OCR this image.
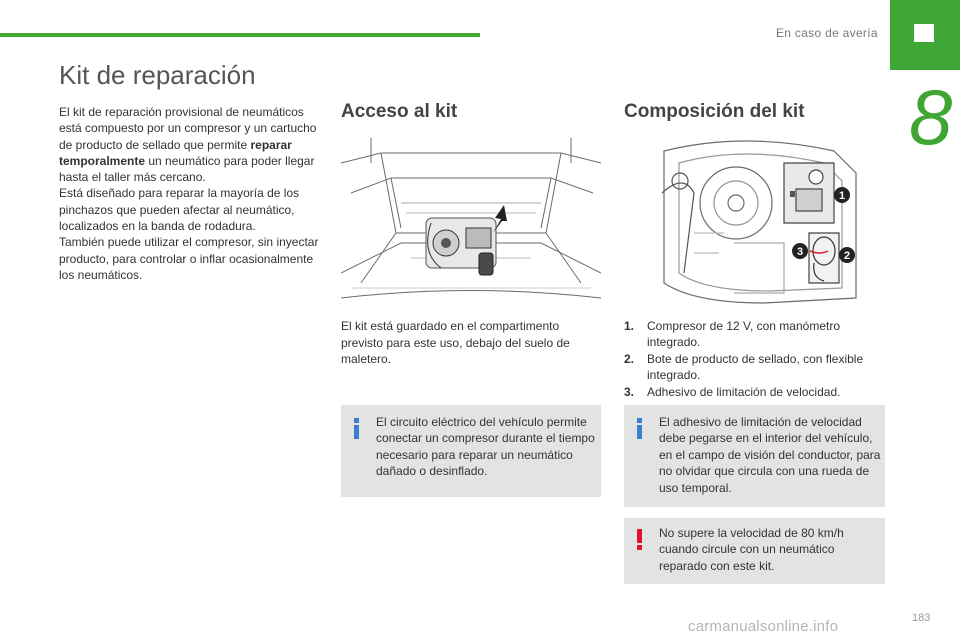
En caso de avería
8
Kit de reparación
El kit de reparación provisional de neumáticos está compuesto por un compresor y un cartucho de producto de sellado que permite reparar temporalmente un neumático para poder llegar hasta el taller más cercano.
Está diseñado para reparar la mayoría de los pinchazos que pueden afectar al neumático, localizados en la banda de rodadura.
También puede utilizar el compresor, sin inyectar producto, para controlar o inflar ocasionalmente los neumáticos.
Acceso al kit
El kit está guardado en el compartimento previsto para este uso, debajo del suelo de maletero.
El circuito eléctrico del vehículo permite conectar un compresor durante el tiempo necesario para reparar un neumático dañado o desinflado.
Composición del kit
1
2
3
1. Compresor de 12 V, con manómetro integrado.
2. Bote de producto de sellado, con flexible integrado.
3. Adhesivo de limitación de velocidad.
El adhesivo de limitación de velocidad debe pegarse en el interior del vehículo, en el campo de visión del conductor, para no olvidar que circula con una rueda de uso temporal.
No supere la velocidad de 80 km/h cuando circule con un neumático reparado con este kit.
carmanualsonline.info	183
